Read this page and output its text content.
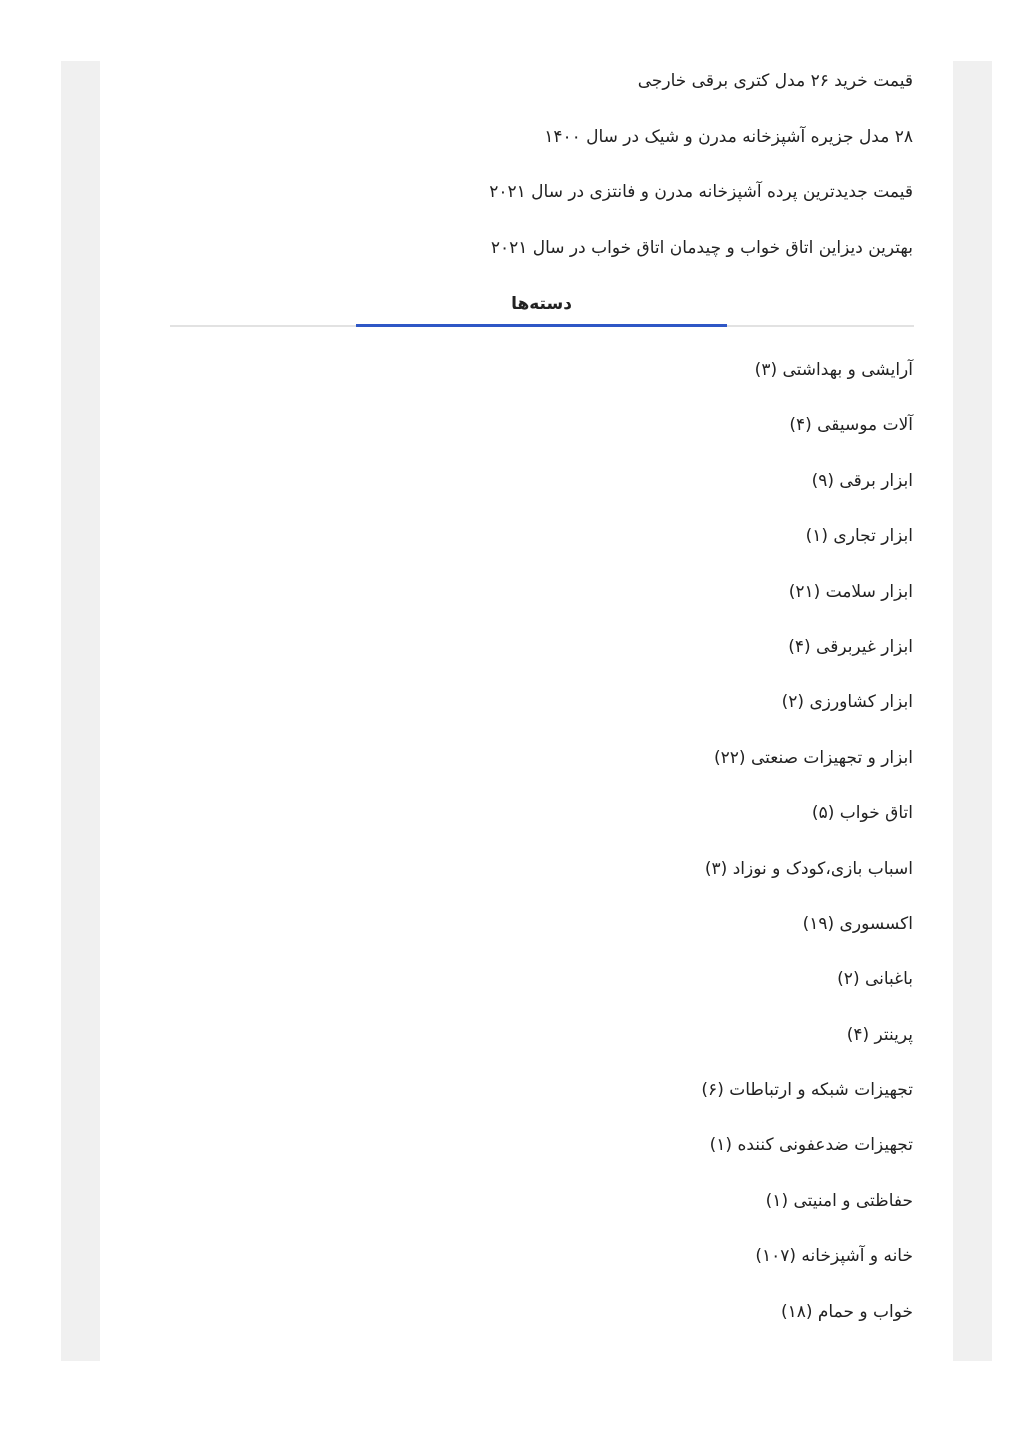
قیمت خرید ۲۶ مدل کتری برقی خارجی
۲۸ مدل جزیره آشپزخانه مدرن و شیک در سال ۱۴۰۰
قیمت جدیدترین پرده آشپزخانه مدرن و فانتزی در سال ۲۰۲۱
بهترین دیزاین اتاق خواب و چیدمان اتاق خواب در سال ۲۰۲۱
دسته‌ها
آرایشی و بهداشتی (۳)
آلات موسیقی (۴)
ابزار برقی (۹)
ابزار تجاری (۱)
ابزار سلامت (۲۱)
ابزار غیربرقی (۴)
ابزار کشاورزی (۲)
ابزار و تجهیزات صنعتی (۲۲)
اتاق خواب (۵)
اسباب بازی،کودک و نوزاد (۳)
اکسسوری (۱۹)
باغبانی (۲)
پرینتر (۴)
تجهیزات شبکه و ارتباطات (۶)
تجهیزات ضدعفونی کننده (۱)
حفاظتی و امنیتی (۱)
خانه و آشپزخانه (۱۰۷)
خواب و حمام (۱۸)
